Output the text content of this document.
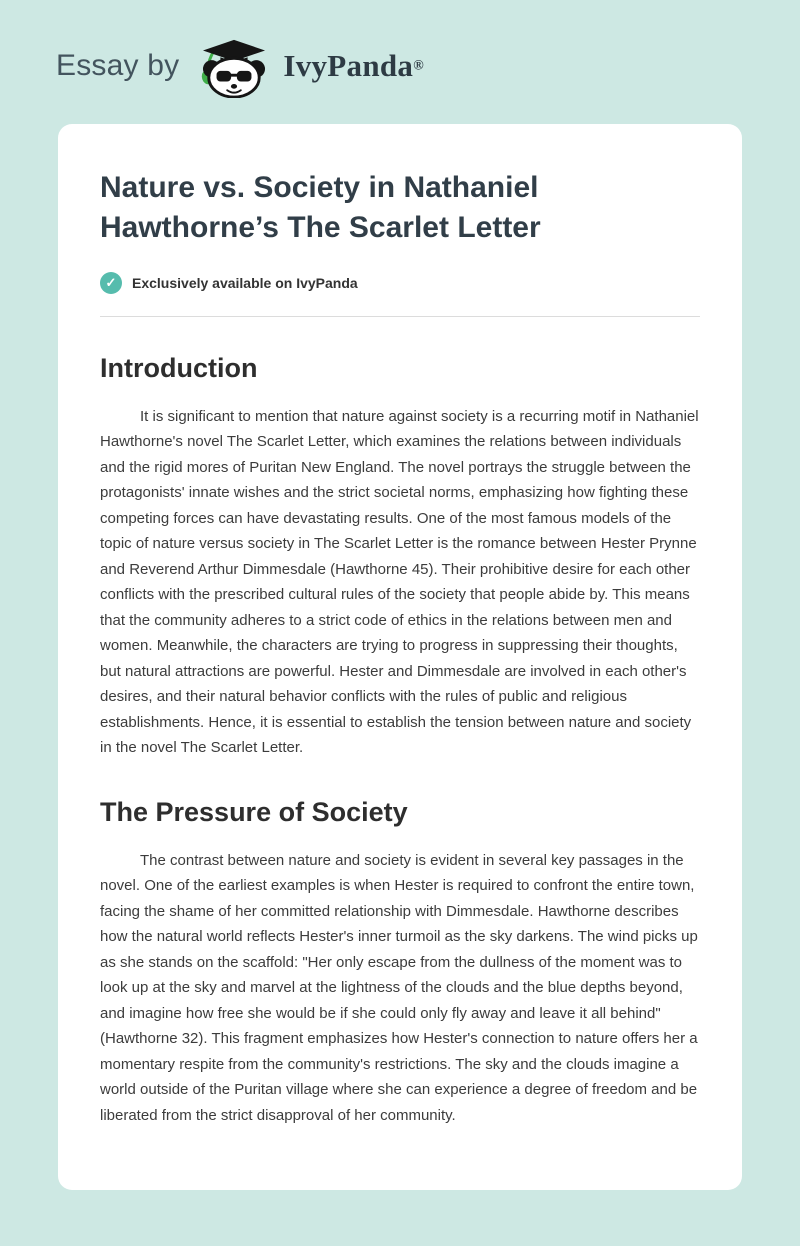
Essay by	IvyPanda®
Nature vs. Society in Nathaniel Hawthorne’s The Scarlet Letter
✓	Exclusively available on IvyPanda
Introduction

It is significant to mention that nature against society is a recurring motif in Nathaniel Hawthorne's novel The Scarlet Letter, which examines the relations between individuals and the rigid mores of Puritan New England. The novel portrays the struggle between the protagonists' innate wishes and the strict societal norms, emphasizing how fighting these competing forces can have devastating results. One of the most famous models of the topic of nature versus society in The Scarlet Letter is the romance between Hester Prynne and Reverend Arthur Dimmesdale (Hawthorne 45). Their prohibitive desire for each other conflicts with the prescribed cultural rules of the society that people abide by. This means that the community adheres to a strict code of ethics in the relations between men and women. Meanwhile, the characters are trying to progress in suppressing their thoughts, but natural attractions are powerful. Hester and Dimmesdale are involved in each other's desires, and their natural behavior conflicts with the rules of public and religious establishments. Hence, it is essential to establish the tension between nature and society in the novel The Scarlet Letter.

The Pressure of Society

The contrast between nature and society is evident in several key passages in the novel. One of the earliest examples is when Hester is required to confront the entire town, facing the shame of her committed relationship with Dimmesdale. Hawthorne describes how the natural world reflects Hester's inner turmoil as the sky darkens. The wind picks up as she stands on the scaffold: "Her only escape from the dullness of the moment was to look up at the sky and marvel at the lightness of the clouds and the blue depths beyond, and imagine how free she would be if she could only fly away and leave it all behind" (Hawthorne 32). This fragment emphasizes how Hester's connection to nature offers her a momentary respite from the community's restrictions. The sky and the clouds imagine a world outside of the Puritan village where she can experience a degree of freedom and be liberated from the strict disapproval of her community.
